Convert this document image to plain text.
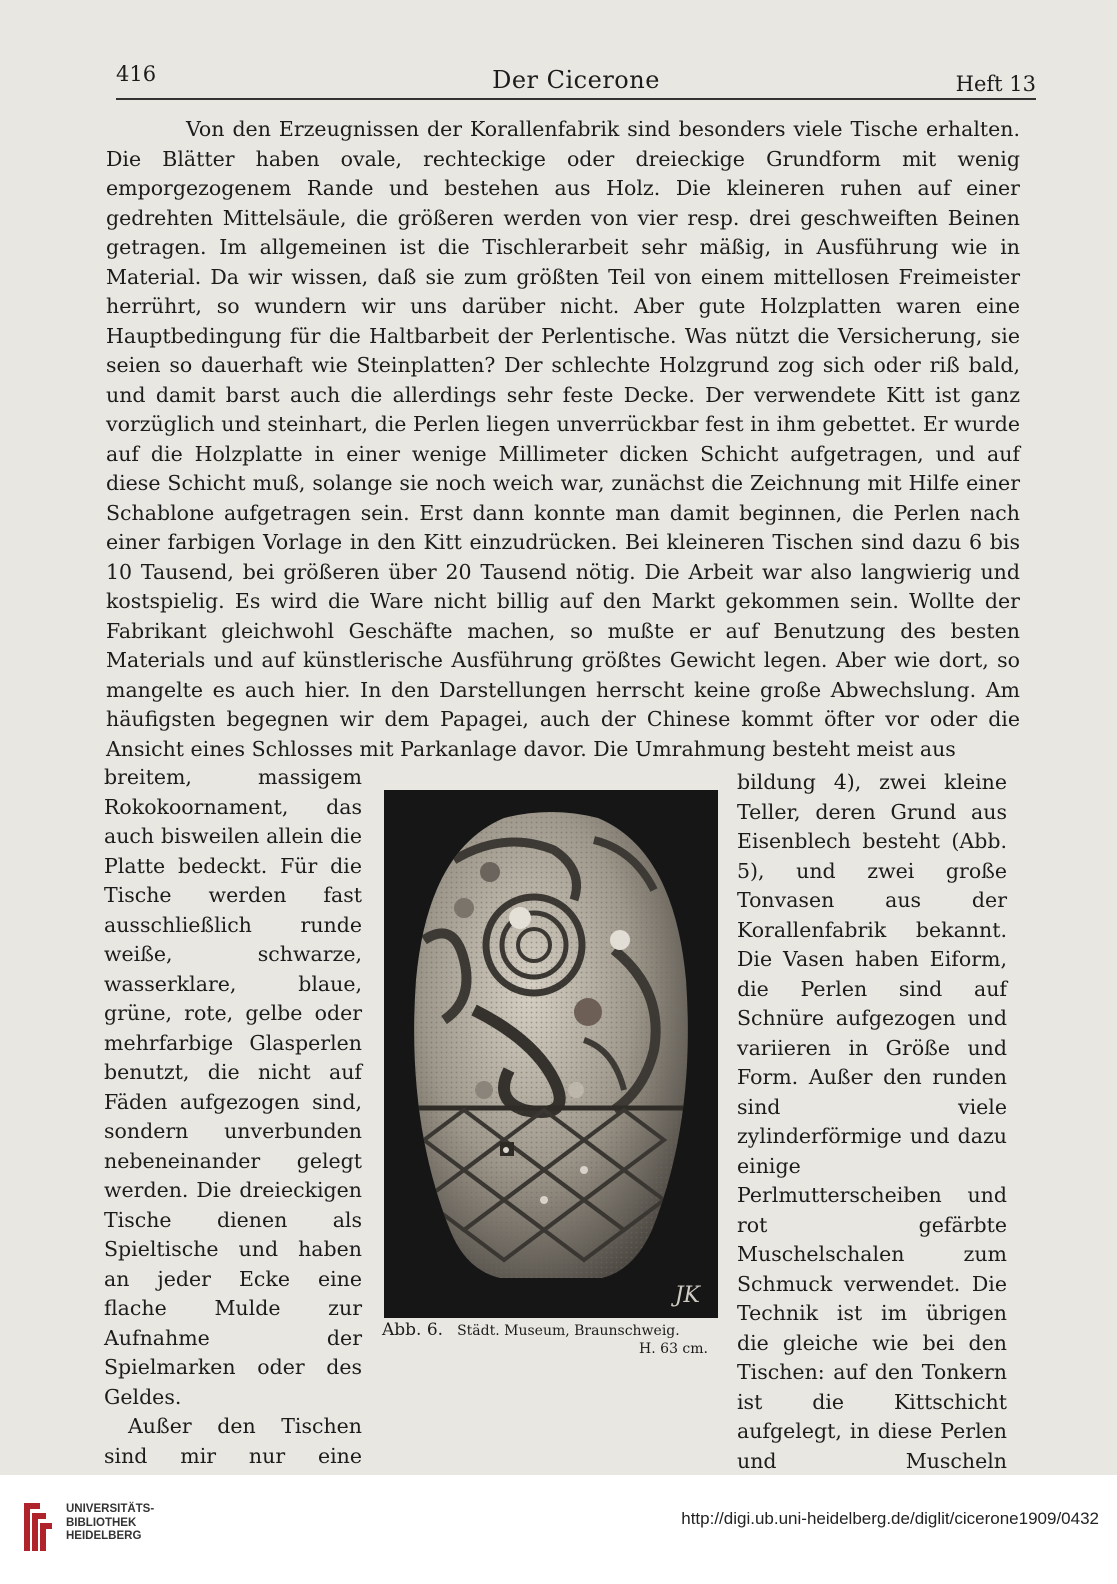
416	Der Cicerone	Heft 13

Von den Erzeugnissen der Korallenfabrik sind besonders viele Tische erhalten. Die Blätter haben ovale, rechteckige oder dreieckige Grundform mit wenig emporgezogenem Rande und bestehen aus Holz. Die kleineren ruhen auf einer gedrehten Mittelsäule, die größeren werden von vier resp. drei geschweiften Beinen getragen. Im allgemeinen ist die Tischlerarbeit sehr mäßig, in Ausführung wie in Material. Da wir wissen, daß sie zum größten Teil von einem mittellosen Freimeister herrührt, so wundern wir uns darüber nicht. Aber gute Holzplatten waren eine Hauptbedingung für die Haltbarbeit der Perlentische. Was nützt die Versicherung, sie seien so dauerhaft wie Steinplatten? Der schlechte Holzgrund zog sich oder riß bald, und damit barst auch die allerdings sehr feste Decke. Der verwendete Kitt ist ganz vorzüglich und steinhart, die Perlen liegen unverrückbar fest in ihm gebettet. Er wurde auf die Holzplatte in einer wenige Millimeter dicken Schicht aufgetragen, und auf diese Schicht muß, solange sie noch weich war, zunächst die Zeichnung mit Hilfe einer Schablone aufgetragen sein. Erst dann konnte man damit beginnen, die Perlen nach einer farbigen Vorlage in den Kitt einzudrücken. Bei kleineren Tischen sind dazu 6 bis 10 Tausend, bei größeren über 20 Tausend nötig. Die Arbeit war also langwierig und kostspielig. Es wird die Ware nicht billig auf den Markt gekommen sein. Wollte der Fabrikant gleichwohl Geschäfte machen, so mußte er auf Benutzung des besten Materials und auf künstlerische Ausführung größtes Gewicht legen. Aber wie dort, so mangelte es auch hier. In den Darstellungen herrscht keine große Abwechslung. Am häufigsten begegnen wir dem Papagei, auch der Chinese kommt öfter vor oder die Ansicht eines Schlosses mit Parkanlage davor. Die Umrahmung besteht meist aus

breitem, massigem Rokokoornament, das auch bisweilen allein die Platte bedeckt. Für die Tische werden fast ausschließlich runde weiße, schwarze, wasserklare, blaue, grüne, rote, gelbe oder mehrfarbige Glasperlen benutzt, die nicht auf Fäden aufgezogen sind, sondern unverbunden nebeneinander gelegt werden. Die dreieckigen Tische dienen als Spieltische und haben an jeder Ecke eine flache Mulde zur Aufnahme der Spielmarken oder des Geldes.

Außer den Tischen sind mir nur eine

JK
Abb. 6. Städt. Museum, Braunschweig.
H. 63 cm.

bildung 4), zwei kleine Teller, deren Grund aus Eisenblech besteht (Abb. 5), und zwei große Tonvasen aus der Korallenfabrik bekannt. Die Vasen haben Eiform, die Perlen sind auf Schnüre aufgezogen und variieren in Größe und Form. Außer den runden sind viele zylinderförmige und dazu einige Perlmutterscheiben und rot gefärbte Muschelschalen zum Schmuck verwendet. Die Technik ist im übrigen die gleiche wie bei den Tischen: auf den Tonkern ist die Kittschicht aufgelegt, in diese Perlen und Muscheln

UNIVERSITÄTS-
BIBLIOTHEK
HEIDELBERG
http://digi.ub.uni-heidelberg.de/diglit/cicerone1909/0432
